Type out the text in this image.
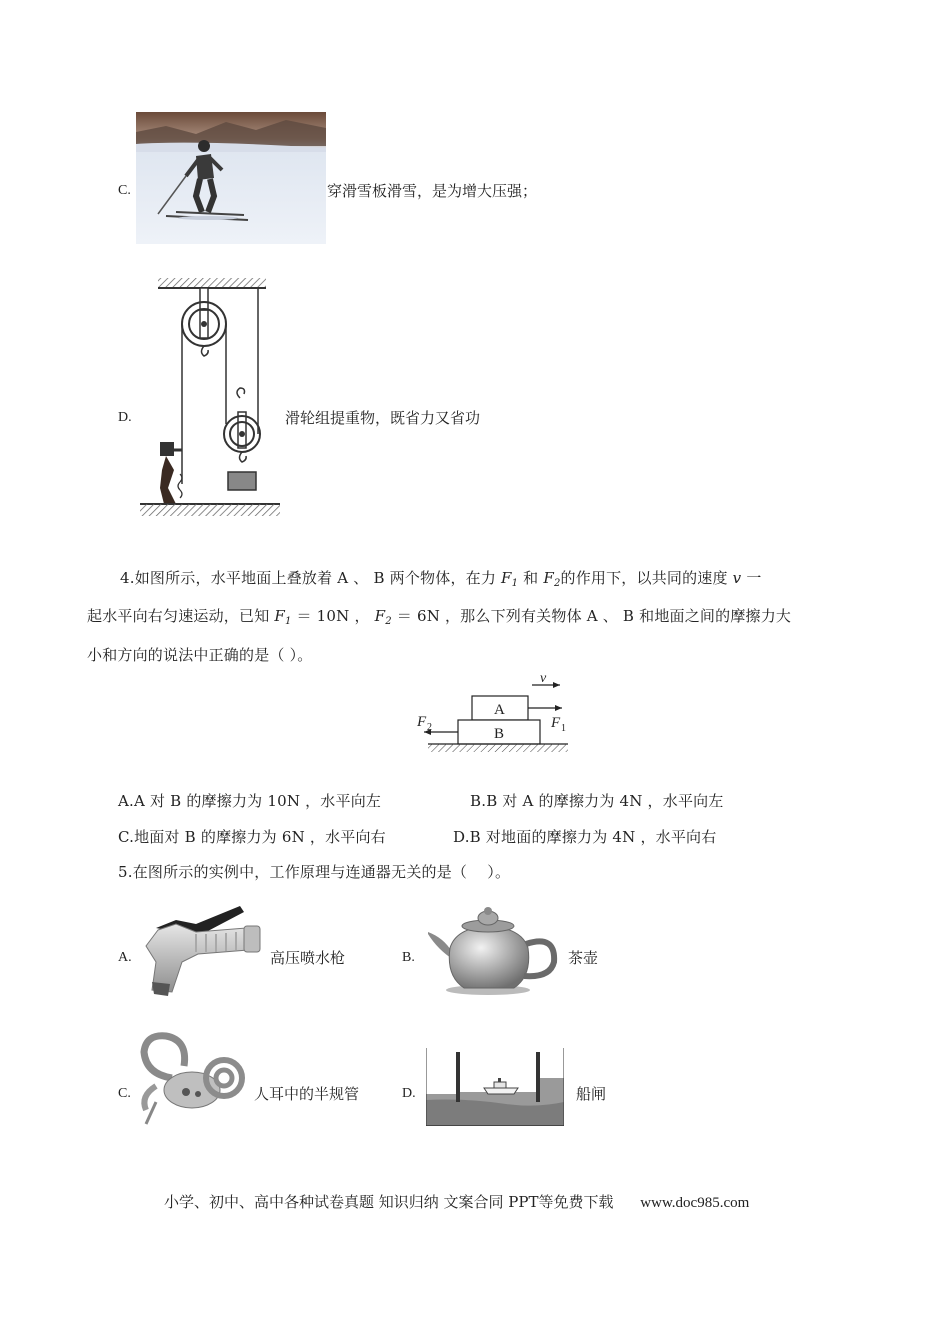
C.	穿滑雪板滑雪，是为增大压强；
D.	滑轮组提重物，既省力又省功
4.如图所示，水平地面上叠放着 A 、 B 两个物体，在力 $F_1$ 和 $F_2$的作用下，以共同的速度 v 一
起水平向右匀速运动，已知 $F_1 = 10N$ ， $F_2 = 6N$ ，那么下列有关物体 A 、 B 和地面之间的摩擦力大
小和方向的说法中正确的是（ ）。
v
A
B
F 1
F 2
A.A 对 B 的摩擦力为 10N ，水平向左	B.B 对 A 的摩擦力为 4N ，水平向左
C.地面对 B 的摩擦力为 6N ，水平向右	D.B 对地面的摩擦力为 4N ，水平向右
5.在图所示的实例中，工作原理与连通器无关的是（　 ）。
A.	高压喷水枪	B.	茶壶
C.	人耳中的半规管	D.	船闸
小学、初中、高中各种试卷真题 知识归纳 文案合同 PPT等免费下载 www.doc985.com
